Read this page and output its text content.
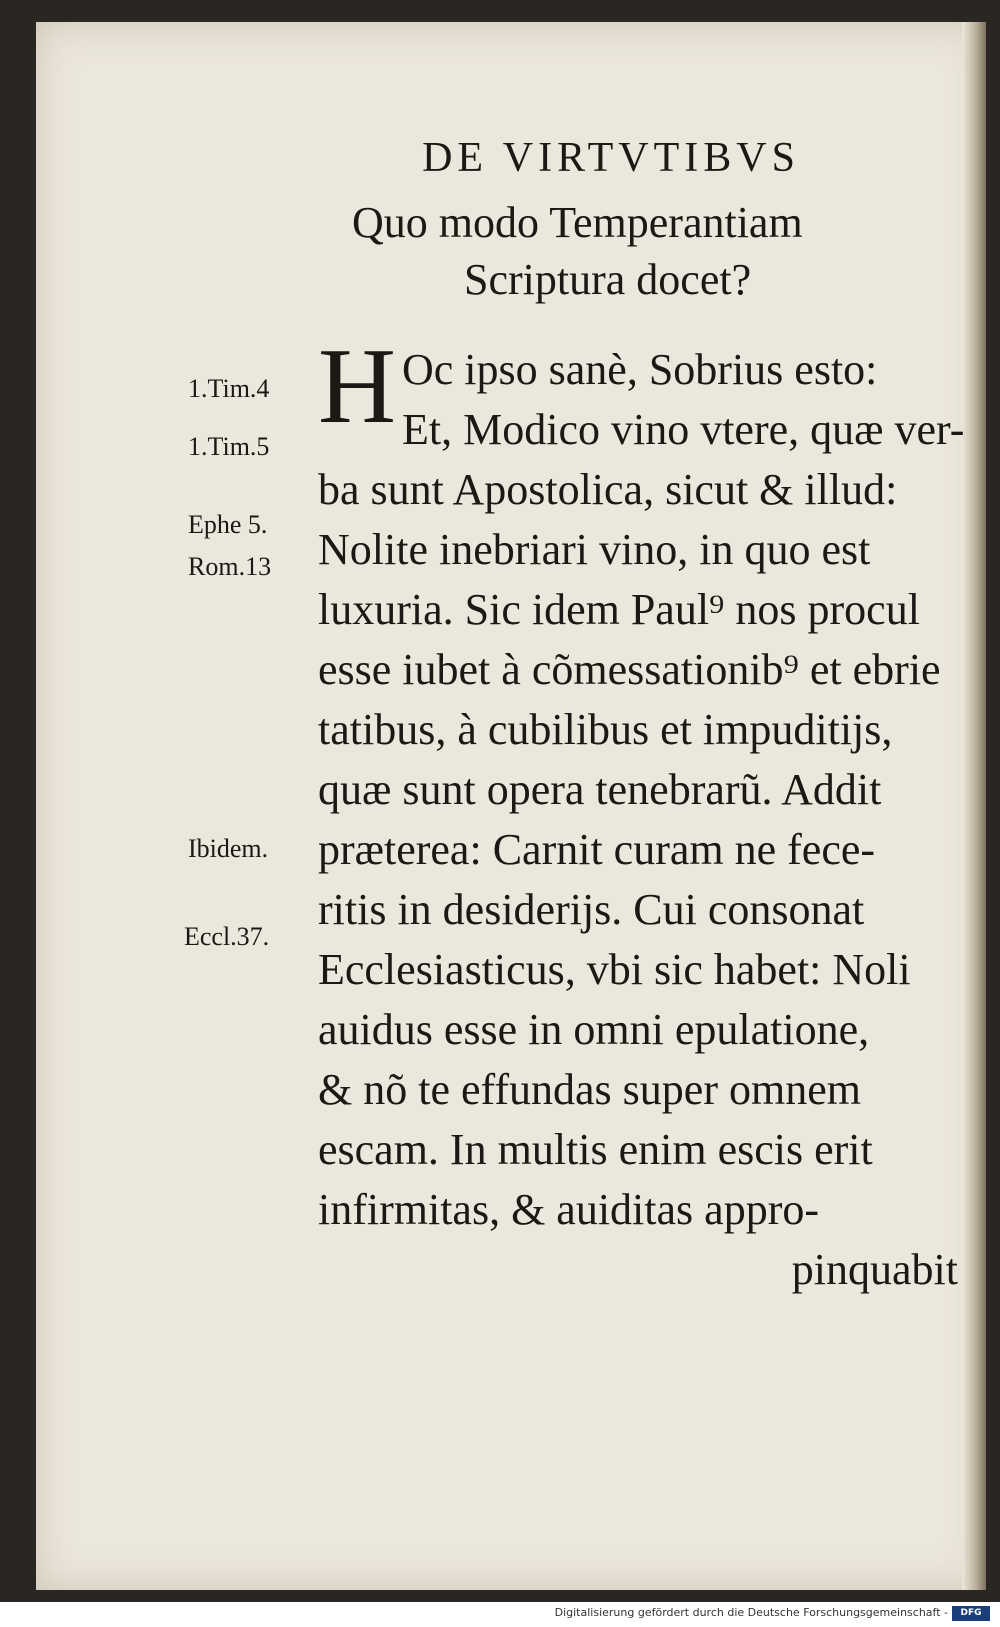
DE VIRTVTIBVS
Quo modo Temperantiam
Scriptura docet?
1.Tim.4
1.Tim.5
Ephe 5.
Rom.13
Ibidem.
Eccl.37.
H Oc ipso sanè, Sobrius esto:
Et, Modico vino vtere, quæ ver-
ba sunt Apostolica, sicut & illud:
Nolite inebriari vino, in quo est
luxuria. Sic idem Paul⁹ nos procul
esse iubet à cõmessationib⁹ et ebrie
tatibus, à cubilibus et impuditijs,
quæ sunt opera tenebrarũ. Addit
præterea: Carnit curam ne fece-
ritis in desiderijs. Cui consonat
Ecclesiasticus, vbi sic habet: Noli
auidus esse in omni epulatione,
& nõ te effundas super omnem
escam. In multis enim escis erit
infirmitas, & auiditas appro-
pinquabit
Digitalisierung gefördert durch die Deutsche Forschungsgemeinschaft -	DFG
